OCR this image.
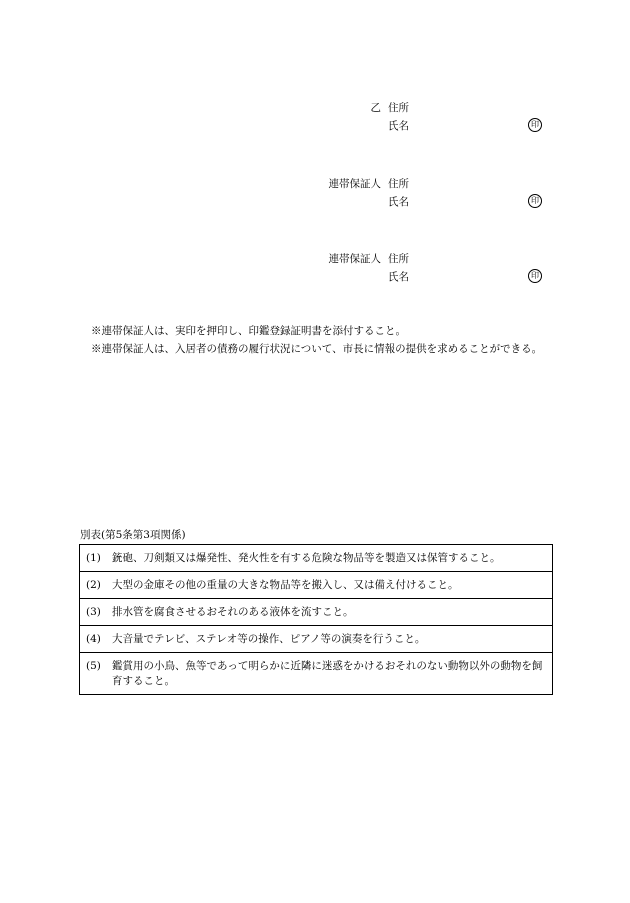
乙 住所
氏名	印
連帯保証人 住所
氏名	印
連帯保証人 住所
氏名	印
※連帯保証人は、実印を押印し、印鑑登録証明書を添付すること。
※連帯保証人は、入居者の債務の履行状況について、市長に情報の提供を求めることができる。
別表(第5条第3項関係)
(1)	銃砲、刀剣類又は爆発性、発火性を有する危険な物品等を製造又は保管すること。
(2)	大型の金庫その他の重量の大きな物品等を搬入し、又は備え付けること。
(3)	排水管を腐食させるおそれのある液体を流すこと。
(4)	大音量でテレビ、ステレオ等の操作、ピアノ等の演奏を行うこと。
(5)	鑑賞用の小鳥、魚等であって明らかに近隣に迷惑をかけるおそれのない動物以外の動物を飼育すること。
